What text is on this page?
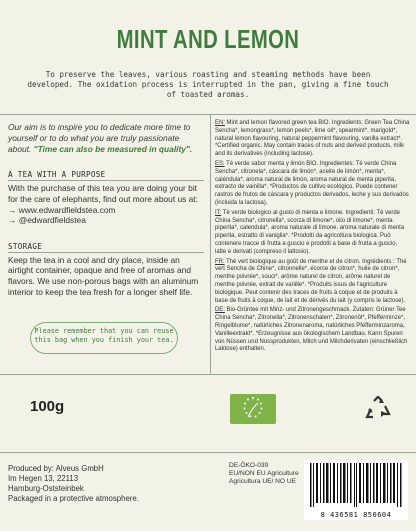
MINT AND LEMON
To preserve the leaves, various roasting and steaming methods have been developed. The oxidation process is interrupted in the pan, giving a fine touch of toasted aromas.

Our aim is to inspire you to dedicate more time to yourself or to do what you are truly passionate about. "Time can also be measured in quality".

A TEA WITH A PURPOSE

With the purchase of this tea you are doing your bit for the care of elephants, find out more about us at:

→ www.edwardfieldstea.com

→ @edwardfieldstea

STORAGE

Keep the tea in a cool and dry place, inside an airtight container, opaque and free of aromas and flavors. We use non-porous bags with an aluminum interior to keep the tea fresh for a longer shelf life.

Please remember that you can reuse this bag when you finish your tea.

EN: Mint and lemon flavored green tea BIO. Ingredients: Green Tea China Sencha*, lemongrass*, lemon peels*, lime oil*, spearmint*, marigold*, natural lemon flavouring, natural peppermint flavouring, vanilla extract*. *Certified organic. May contain traces of nuts and derived products, milk and its derivatives (including lactose).

ES: Té verde sabor menta y limón BIO. Ingredientes: Té verde China Sencha*, citronela*, cáscara de limón*, aceite de limón*, menta*, caléndula*, aroma natural de limón, aroma natural de menta piperita, extracto de vainilla*. *Productos de cultivo ecológico. Puede contener rastros de frutos de cáscara y productos derivados, leche y sus derivados (incluida la lactosa).

IT: Tè verde biologico al gusto di menta e limone. Ingredienti: Tè verde China Sencha*, citronella*, scorza di limone*, olio di limone*, menta piperita*, calendula*, aroma naturale di limone, aroma naturale di menta piperita, estratto di vaniglia*. *Prodotti da agricoltura biologica. Può contenere tracce di frutta a guscio e prodotti a base di frutta a guscio, latte e derivati (compreso il lattosio).

FR: Thé vert biologique au goût de menthe et de citron. Ingrédients : Thé vert Sencha de Chine*, citronnelle*, écorce de citron*, huile de citron*, menthe poivrée*, souci*, arôme naturel de citron, arôme naturel de menthe poivrée, extrait de vanille*. *Produits issus de l'agriculture biologique. Peut contenir des traces de fruits à coque et de produits à base de fruits à coque, de lait et de dérivés du lait (y compris le lactose).

DE: Bio-Grüntee mit Minz- und Zitronengeschmack. Zutaten: Grüner Tee China Sencha*, Zitronella*, Zitronenschalen*, Zitronenöl*, Pfefferminze*, Ringelblume*, natürliches Zitronenaroma, natürliches Pfefferminzaroma, Vanilleextrakt*. *Erzeugnisse aus ökologischem Landbau. Kann Spuren von Nüssen und Nussprodukten, Milch und Milchderivaten (einschließlich Laktose) enthalten.

100g
Produced by: Alveus GmbH
Im Hegen 13, 22113
Hamburg-Oststeinbek
Packaged in a protective atmosphere.
DE-ÖKO-039
EU/NON EU Agriculture
Agricultura UE/ NO UE
8 436581 850604
